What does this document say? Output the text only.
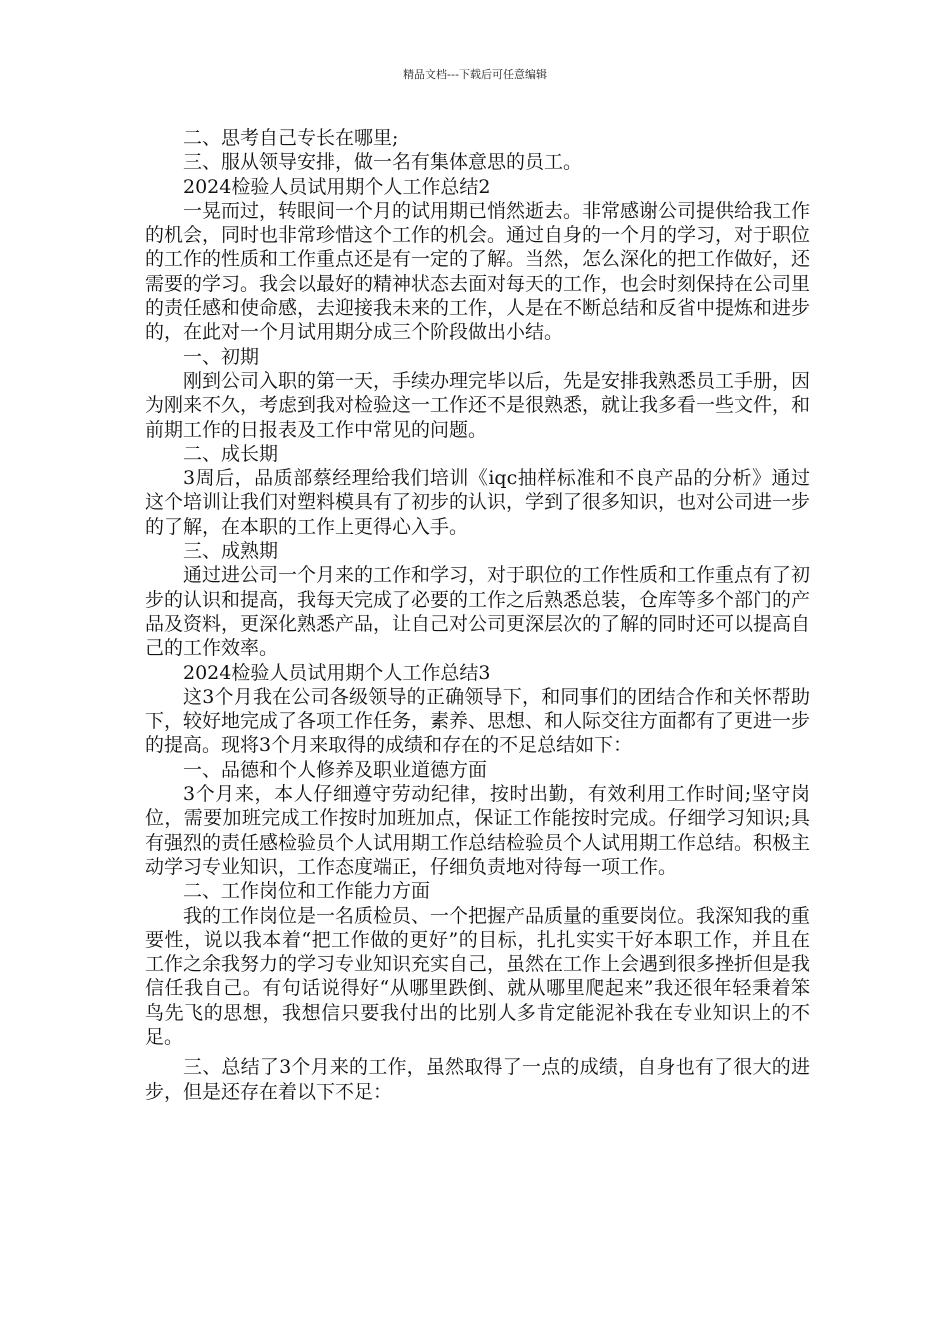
精品文档---下载后可任意编辑

二、思考自己专长在哪里;

三、服从领导安排，做一名有集体意思的员工。

2024检验人员试用期个人工作总结2

一晃而过，转眼间一个月的试用期已悄然逝去。非常感谢公司提供给我工作的机会，同时也非常珍惜这个工作的机会。通过自身的一个月的学习，对于职位的工作的性质和工作重点还是有一定的了解。当然，怎么深化的把工作做好，还需要的学习。我会以最好的精神状态去面对每天的工作，也会时刻保持在公司里的责任感和使命感，去迎接我未来的工作，人是在不断总结和反省中提炼和进步的，在此对一个月试用期分成三个阶段做出小结。

一、初期

刚到公司入职的第一天，手续办理完毕以后，先是安排我熟悉员工手册，因为刚来不久，考虑到我对检验这一工作还不是很熟悉，就让我多看一些文件，和前期工作的日报表及工作中常见的问题。

二、成长期

3周后，品质部蔡经理给我们培训《iqc抽样标准和不良产品的分析》通过这个培训让我们对塑料模具有了初步的认识，学到了很多知识，也对公司进一步的了解，在本职的工作上更得心入手。

三、成熟期

通过进公司一个月来的工作和学习，对于职位的工作性质和工作重点有了初步的认识和提高，我每天完成了必要的工作之后熟悉总装，仓库等多个部门的产品及资料，更深化熟悉产品，让自己对公司更深层次的了解的同时还可以提高自己的工作效率。

2024检验人员试用期个人工作总结3

这3个月我在公司各级领导的正确领导下，和同事们的团结合作和关怀帮助下，较好地完成了各项工作任务，素养、思想、和人际交往方面都有了更进一步的提高。现将3个月来取得的成绩和存在的不足总结如下：

一、品德和个人修养及职业道德方面

3个月来，本人仔细遵守劳动纪律，按时出勤，有效利用工作时间;坚守岗位，需要加班完成工作按时加班加点，保证工作能按时完成。仔细学习知识;具有强烈的责任感检验员个人试用期工作总结检验员个人试用期工作总结。积极主动学习专业知识，工作态度端正，仔细负责地对待每一项工作。

二、工作岗位和工作能力方面

我的工作岗位是一名质检员、一个把握产品质量的重要岗位。我深知我的重要性，说以我本着“把工作做的更好”的目标，扎扎实实干好本职工作，并且在工作之余我努力的学习专业知识充实自己，虽然在工作上会遇到很多挫折但是我信任我自己。有句话说得好“从哪里跌倒、就从哪里爬起来”我还很年轻秉着笨鸟先飞的思想，我想信只要我付出的比别人多肯定能泥补我在专业知识上的不足。

三、总结了3个月来的工作，虽然取得了一点的成绩，自身也有了很大的进步，但是还存在着以下不足：
